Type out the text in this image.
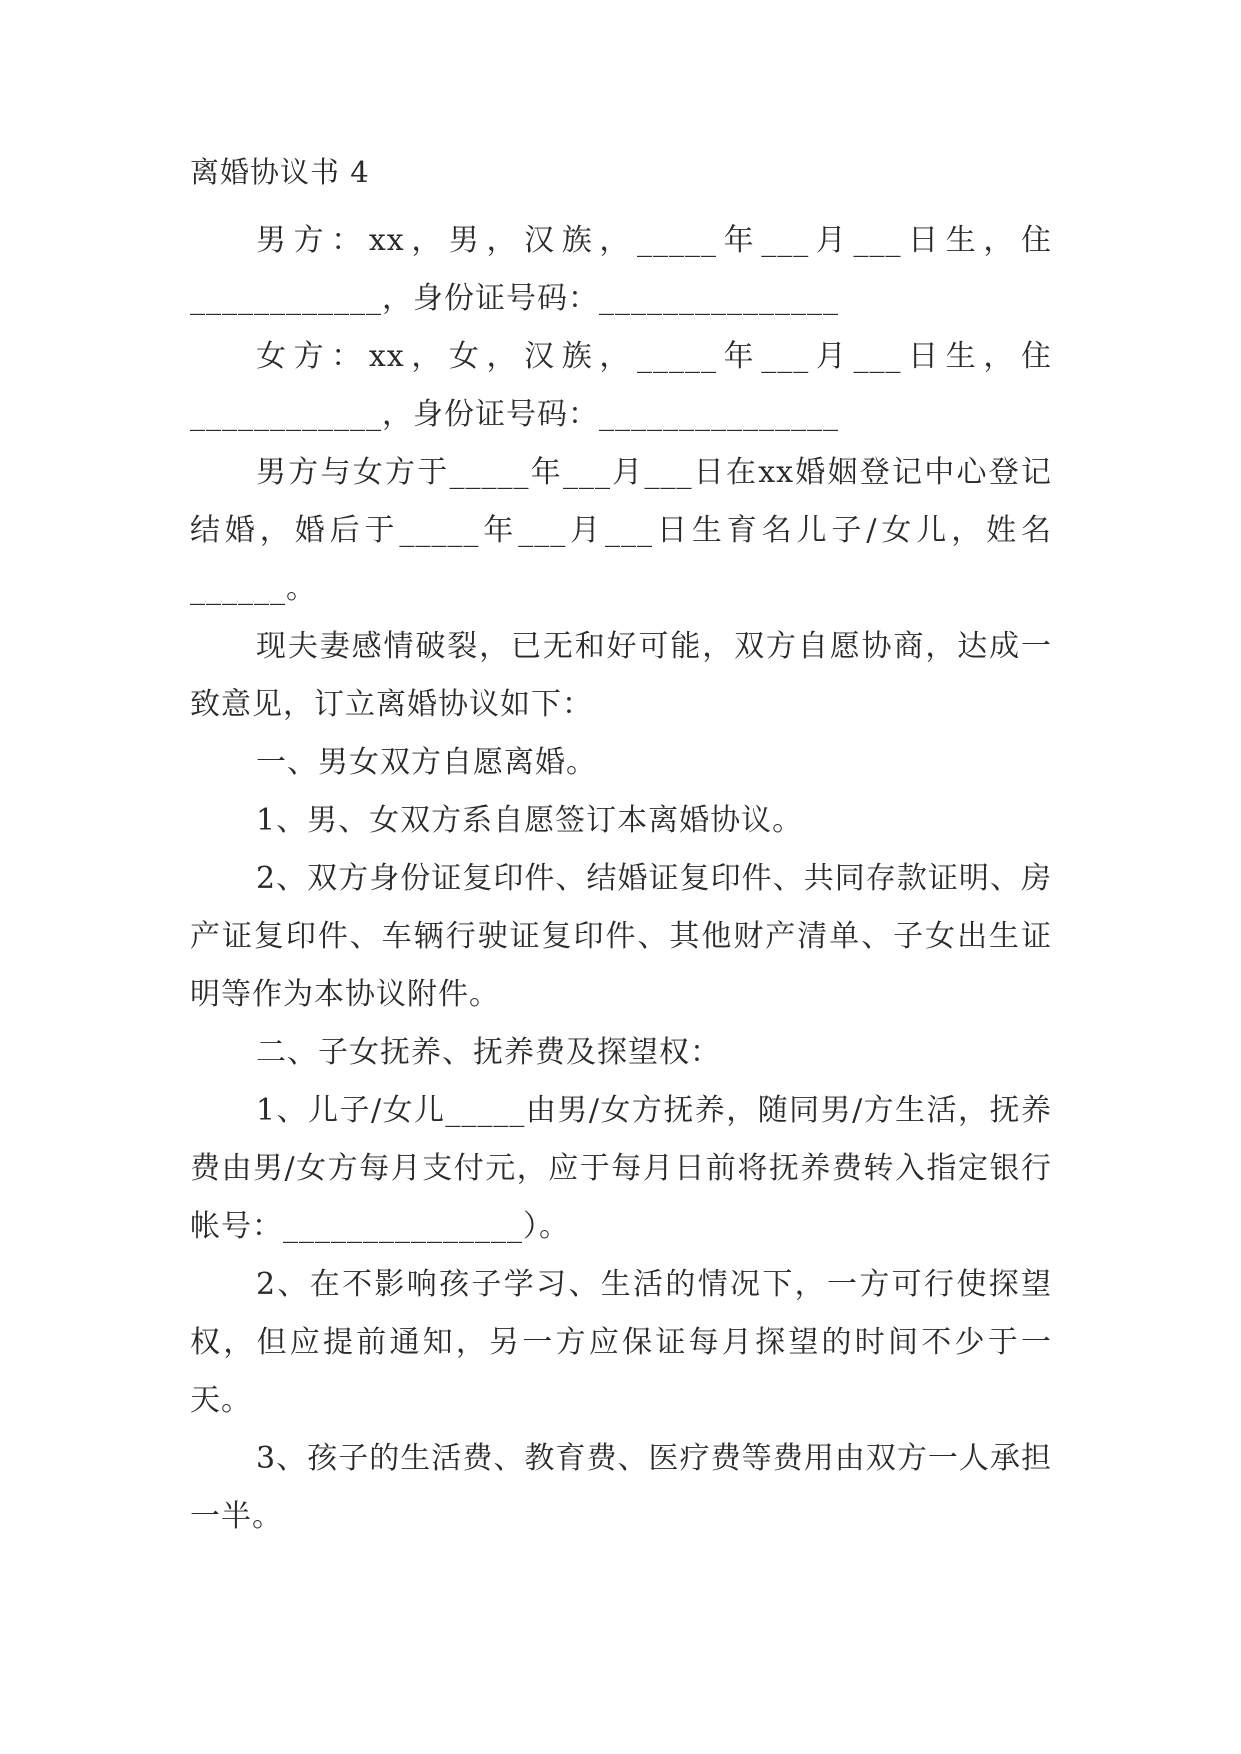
离婚协议书 4

男方：xx，男，汉族，_____年___月___日生，住____________，身份证号码：_______________

女方：xx，女，汉族，_____年___月___日生，住____________，身份证号码：_______________

男方与女方于_____年___月___日在xx婚姻登记中心登记结婚，婚后于_____年___月___日生育名儿子/女儿，姓名______。

现夫妻感情破裂，已无和好可能，双方自愿协商，达成一致意见，订立离婚协议如下：

一、男女双方自愿离婚。

1、男、女双方系自愿签订本离婚协议。

2、双方身份证复印件、结婚证复印件、共同存款证明、房产证复印件、车辆行驶证复印件、其他财产清单、子女出生证明等作为本协议附件。

二、子女抚养、抚养费及探望权：

1、儿子/女儿_____由男/女方抚养，随同男/方生活，抚养费由男/女方每月支付元，应于每月日前将抚养费转入指定银行帐号：_______________）。

2、在不影响孩子学习、生活的情况下，一方可行使探望权，但应提前通知，另一方应保证每月探望的时间不少于一天。

3、孩子的生活费、教育费、医疗费等费用由双方一人承担一半。
